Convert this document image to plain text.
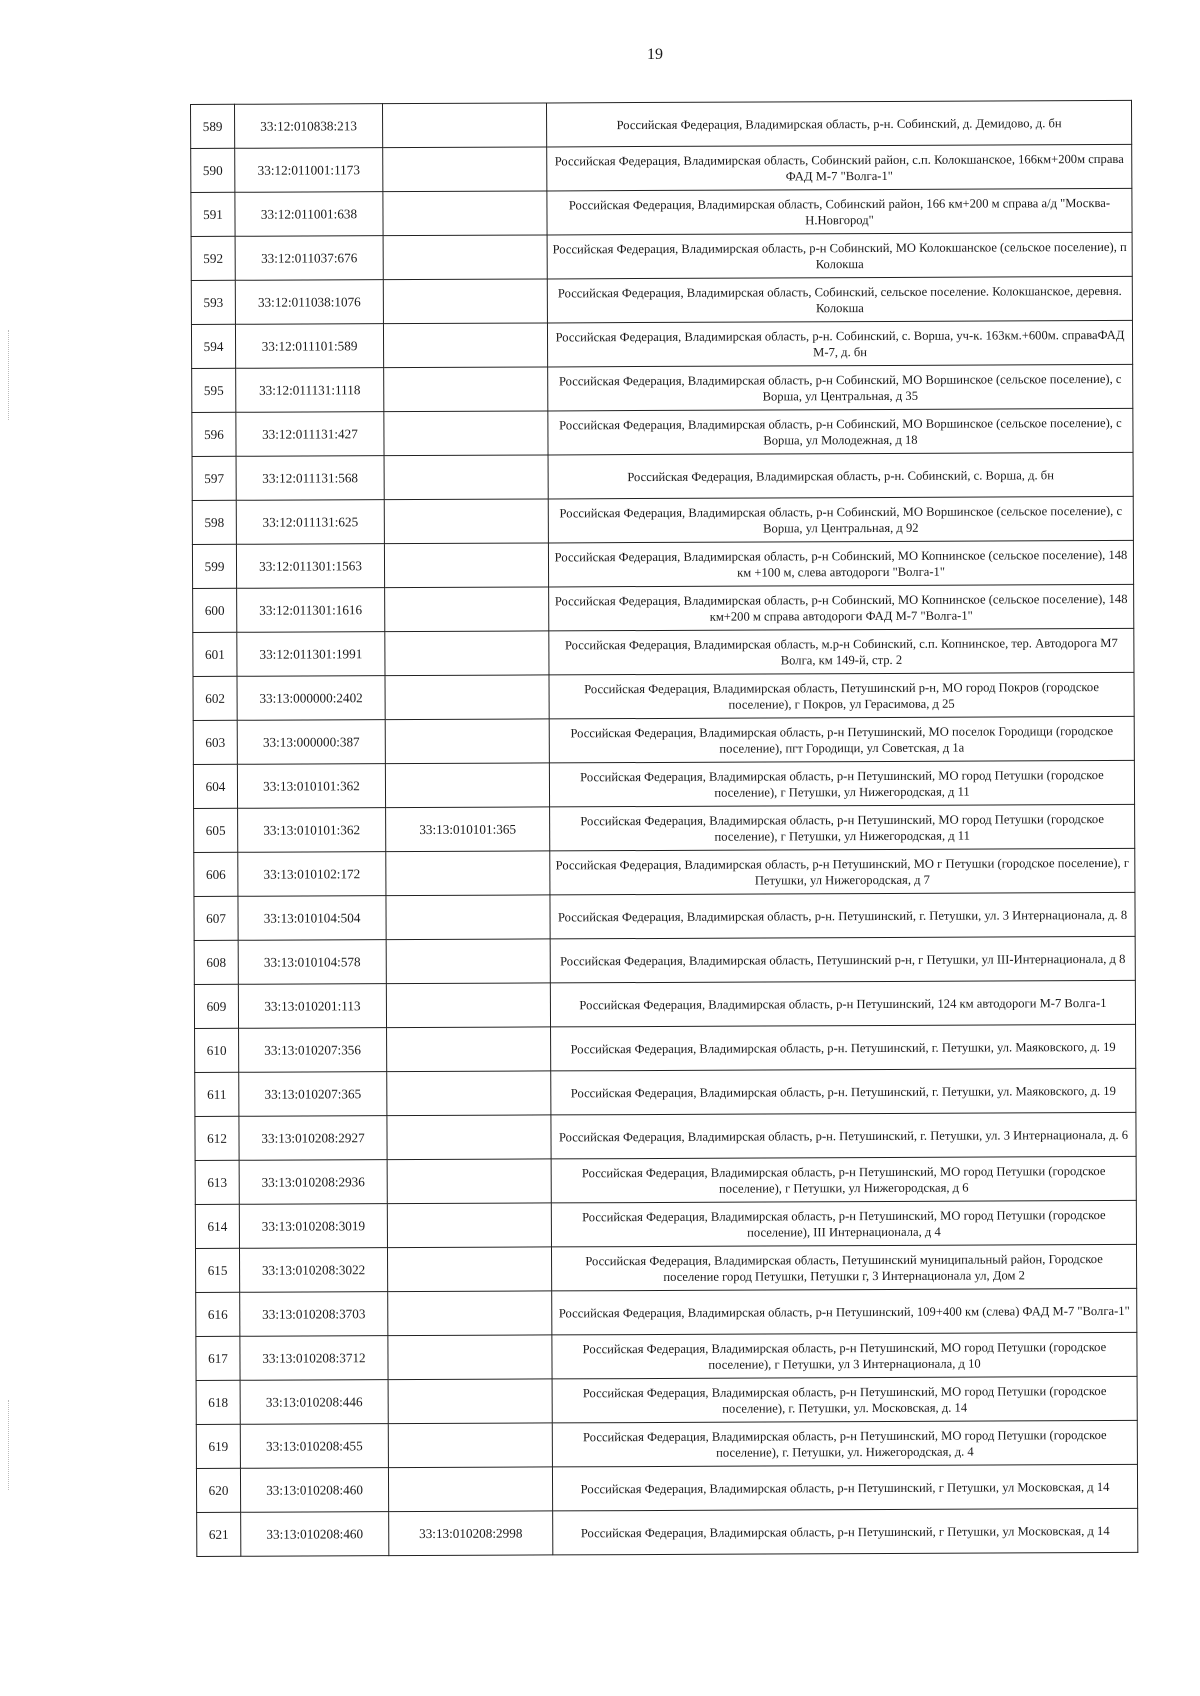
19
589	33:12:010838:213		Российская Федерация, Владимирская область, р-н. Собинский, д. Демидово, д. бн
590	33:12:011001:1173		Российская Федерация, Владимирская область, Собинский район, с.п. Колокшанское, 166км+200м справа ФАД М-7 "Волга-1"
591	33:12:011001:638		Российская Федерация, Владимирская область, Собинский район, 166 км+200 м справа а/д "Москва-Н.Новгород"
592	33:12:011037:676		Российская Федерация, Владимирская область, р-н Собинский, МО Колокшанское (сельское поселение), п Колокша
593	33:12:011038:1076		Российская Федерация, Владимирская область, Собинский, сельское поселение. Колокшанское, деревня. Колокша
594	33:12:011101:589		Российская Федерация, Владимирская область, р-н. Собинский, с. Ворша, уч-к. 163км.+600м. справаФАД М-7, д. бн
595	33:12:011131:1118		Российская Федерация, Владимирская область, р-н Собинский, МО Воршинское (сельское поселение), с Ворша, ул Центральная, д 35
596	33:12:011131:427		Российская Федерация, Владимирская область, р-н Собинский, МО Воршинское (сельское поселение), с Ворша, ул Молодежная, д 18
597	33:12:011131:568		Российская Федерация, Владимирская область, р-н. Собинский, с. Ворша, д. бн
598	33:12:011131:625		Российская Федерация, Владимирская область, р-н Собинский, МО Воршинское (сельское поселение), с Ворша, ул Центральная, д 92
599	33:12:011301:1563		Российская Федерация, Владимирская область, р-н Собинский, МО Копнинское (сельское поселение), 148 км +100 м, слева автодороги "Волга-1"
600	33:12:011301:1616		Российская Федерация, Владимирская область, р-н Собинский, МО Копнинское (сельское поселение), 148 км+200 м справа автодороги ФАД М-7 "Волга-1"
601	33:12:011301:1991		Российская Федерация, Владимирская область, м.р-н Собинский, с.п. Копнинское, тер. Автодорога М7 Волга, км 149-й, стр. 2
602	33:13:000000:2402		Российская Федерация, Владимирская область, Петушинский р-н, МО город Покров (городское поселение), г Покров, ул Герасимова, д 25
603	33:13:000000:387		Российская Федерация, Владимирская область, р-н Петушинский, МО поселок Городищи (городское поселение), пгт Городищи, ул Советская, д 1а
604	33:13:010101:362		Российская Федерация, Владимирская область, р-н Петушинский, МО город Петушки (городское поселение), г Петушки, ул Нижегородская, д 11
605	33:13:010101:362	33:13:010101:365	Российская Федерация, Владимирская область, р-н Петушинский, МО город Петушки (городское поселение), г Петушки, ул Нижегородская, д 11
606	33:13:010102:172		Российская Федерация, Владимирская область, р-н Петушинский, МО г Петушки (городское поселение), г Петушки, ул Нижегородская, д 7
607	33:13:010104:504		Российская Федерация, Владимирская область, р-н. Петушинский, г. Петушки, ул. 3 Интернационала, д. 8
608	33:13:010104:578		Российская Федерация, Владимирская область, Петушинский р-н, г Петушки, ул III-Интернационала, д 8
609	33:13:010201:113		Российская Федерация, Владимирская область, р-н Петушинский, 124 км автодороги М-7 Волга-1
610	33:13:010207:356		Российская Федерация, Владимирская область, р-н. Петушинский, г. Петушки, ул. Маяковского, д. 19
611	33:13:010207:365		Российская Федерация, Владимирская область, р-н. Петушинский, г. Петушки, ул. Маяковского, д. 19
612	33:13:010208:2927		Российская Федерация, Владимирская область, р-н. Петушинский, г. Петушки, ул. 3 Интернационала, д. 6
613	33:13:010208:2936		Российская Федерация, Владимирская область, р-н Петушинский, МО город Петушки (городское поселение), г Петушки, ул Нижегородская, д 6
614	33:13:010208:3019		Российская Федерация, Владимирская область, р-н Петушинский, МО город Петушки (городское поселение), III Интернационала, д 4
615	33:13:010208:3022		Российская Федерация, Владимирская область, Петушинский муниципальный район, Городское поселение город Петушки, Петушки г, 3 Интернационала ул, Дом 2
616	33:13:010208:3703		Российская Федерация, Владимирская область, р-н Петушинский, 109+400 км (слева) ФАД М-7 "Волга-1"
617	33:13:010208:3712		Российская Федерация, Владимирская область, р-н Петушинский, МО город Петушки (городское поселение), г Петушки, ул 3 Интернационала, д 10
618	33:13:010208:446		Российская Федерация, Владимирская область, р-н Петушинский, МО город Петушки (городское поселение), г. Петушки, ул. Московская, д. 14
619	33:13:010208:455		Российская Федерация, Владимирская область, р-н Петушинский, МО город Петушки (городское поселение), г. Петушки, ул. Нижегородская, д. 4
620	33:13:010208:460		Российская Федерация, Владимирская область, р-н Петушинский, г Петушки, ул Московская, д 14
621	33:13:010208:460	33:13:010208:2998	Российская Федерация, Владимирская область, р-н Петушинский, г Петушки, ул Московская, д 14
